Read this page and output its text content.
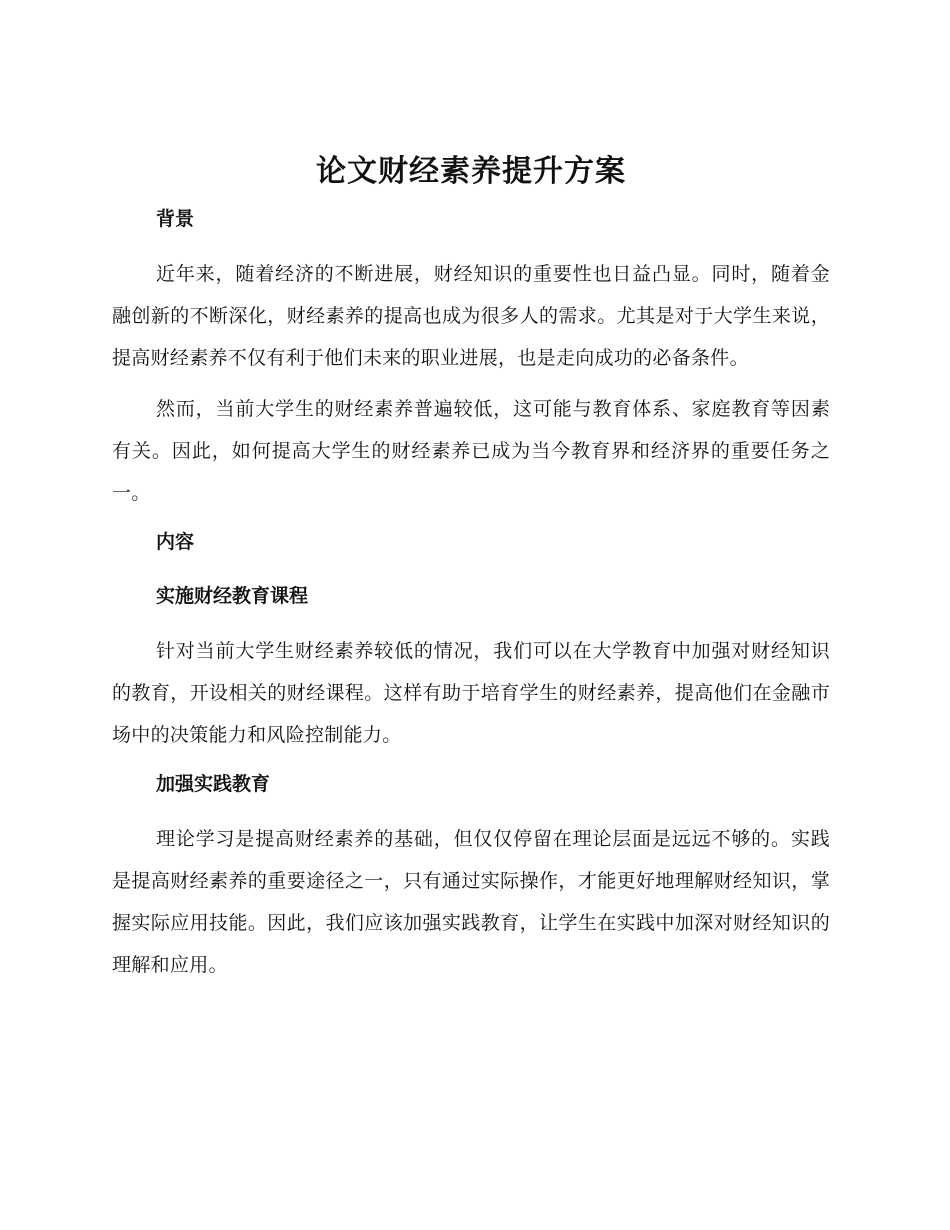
论文财经素养提升方案
背景

近年来，随着经济的不断进展，财经知识的重要性也日益凸显。同时，随着金融创新的不断深化，财经素养的提高也成为很多人的需求。尤其是对于大学生来说，提高财经素养不仅有利于他们未来的职业进展，也是走向成功的必备条件。

然而，当前大学生的财经素养普遍较低，这可能与教育体系、家庭教育等因素有关。因此，如何提高大学生的财经素养已成为当今教育界和经济界的重要任务之一。

内容
实施财经教育课程

针对当前大学生财经素养较低的情况，我们可以在大学教育中加强对财经知识的教育，开设相关的财经课程。这样有助于培育学生的财经素养，提高他们在金融市场中的决策能力和风险控制能力。

加强实践教育

理论学习是提高财经素养的基础，但仅仅停留在理论层面是远远不够的。实践是提高财经素养的重要途径之一，只有通过实际操作，才能更好地理解财经知识，掌握实际应用技能。因此，我们应该加强实践教育，让学生在实践中加深对财经知识的理解和应用。
